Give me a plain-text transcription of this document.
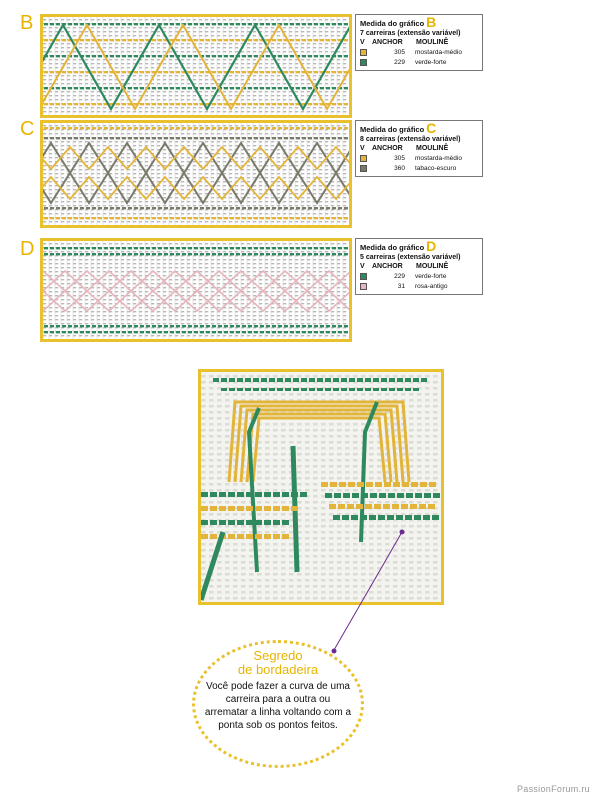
B	Medida do gráfico B
7 carreiras (extensão variável)
V	ANCHOR	MOULINÊ
305 mostarda-médio
229 verde-forte
C	Medida do gráfico C
8 carreiras (extensão variável)
V	ANCHOR	MOULINÊ
305 mostarda-médio
360 tabaco-escuro
D	Medida do gráfico D
5 carreiras (extensão variável)
V	ANCHOR	MOULINÊ
229 verde-forte
31 rosa-antigo
Segredo
de bordadeira
Você pode fazer a curva de uma carreira para a outra ou arrematar a linha voltando com a ponta sob os pontos feitos.
PassionForum.ru
